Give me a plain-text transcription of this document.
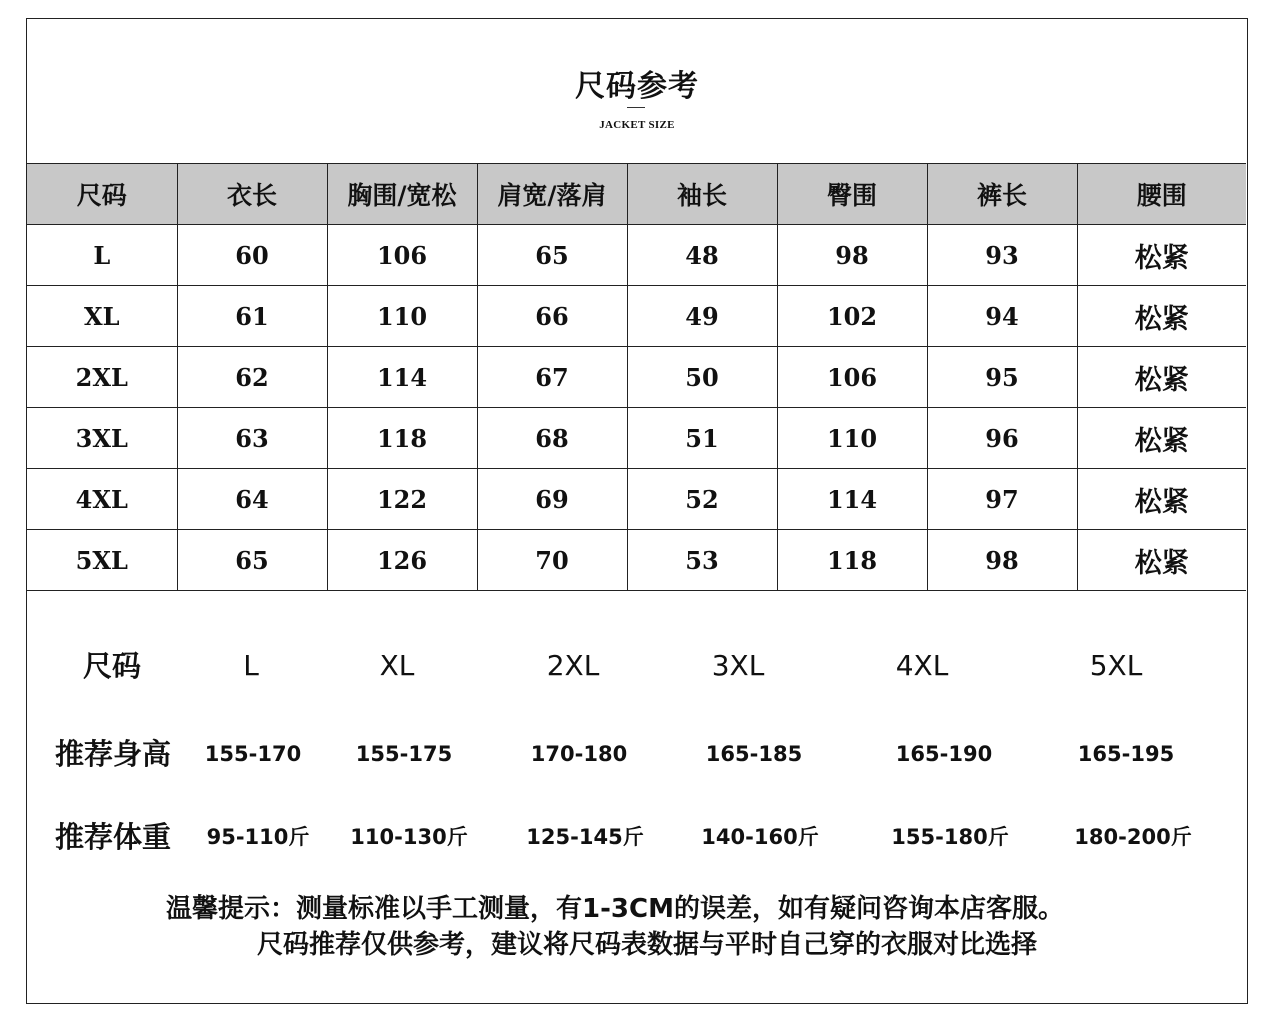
尺码参考
JACKET SIZE
尺码	衣长	胸围/宽松	肩宽/落肩	袖长	臀围	裤长	腰围
L	60	106	65	48	98	93	松紧
XL	61	110	66	49	102	94	松紧
2XL	62	114	67	50	106	95	松紧
3XL	63	118	68	51	110	96	松紧
4XL	64	122	69	52	114	97	松紧
5XL	65	126	70	53	118	98	松紧
尺码	L	XL	2XL	3XL	4XL	5XL
推荐身高 155-170	155-175	170-180	165-185	165-190	165-195
推荐体重 95-110斤 110-130斤	125-145斤	140-160斤	155-180斤	180-200斤
温馨提示：测量标准以手工测量，有1-3CM的误差，如有疑问咨询本店客服。
尺码推荐仅供参考，建议将尺码表数据与平时自己穿的衣服对比选择
